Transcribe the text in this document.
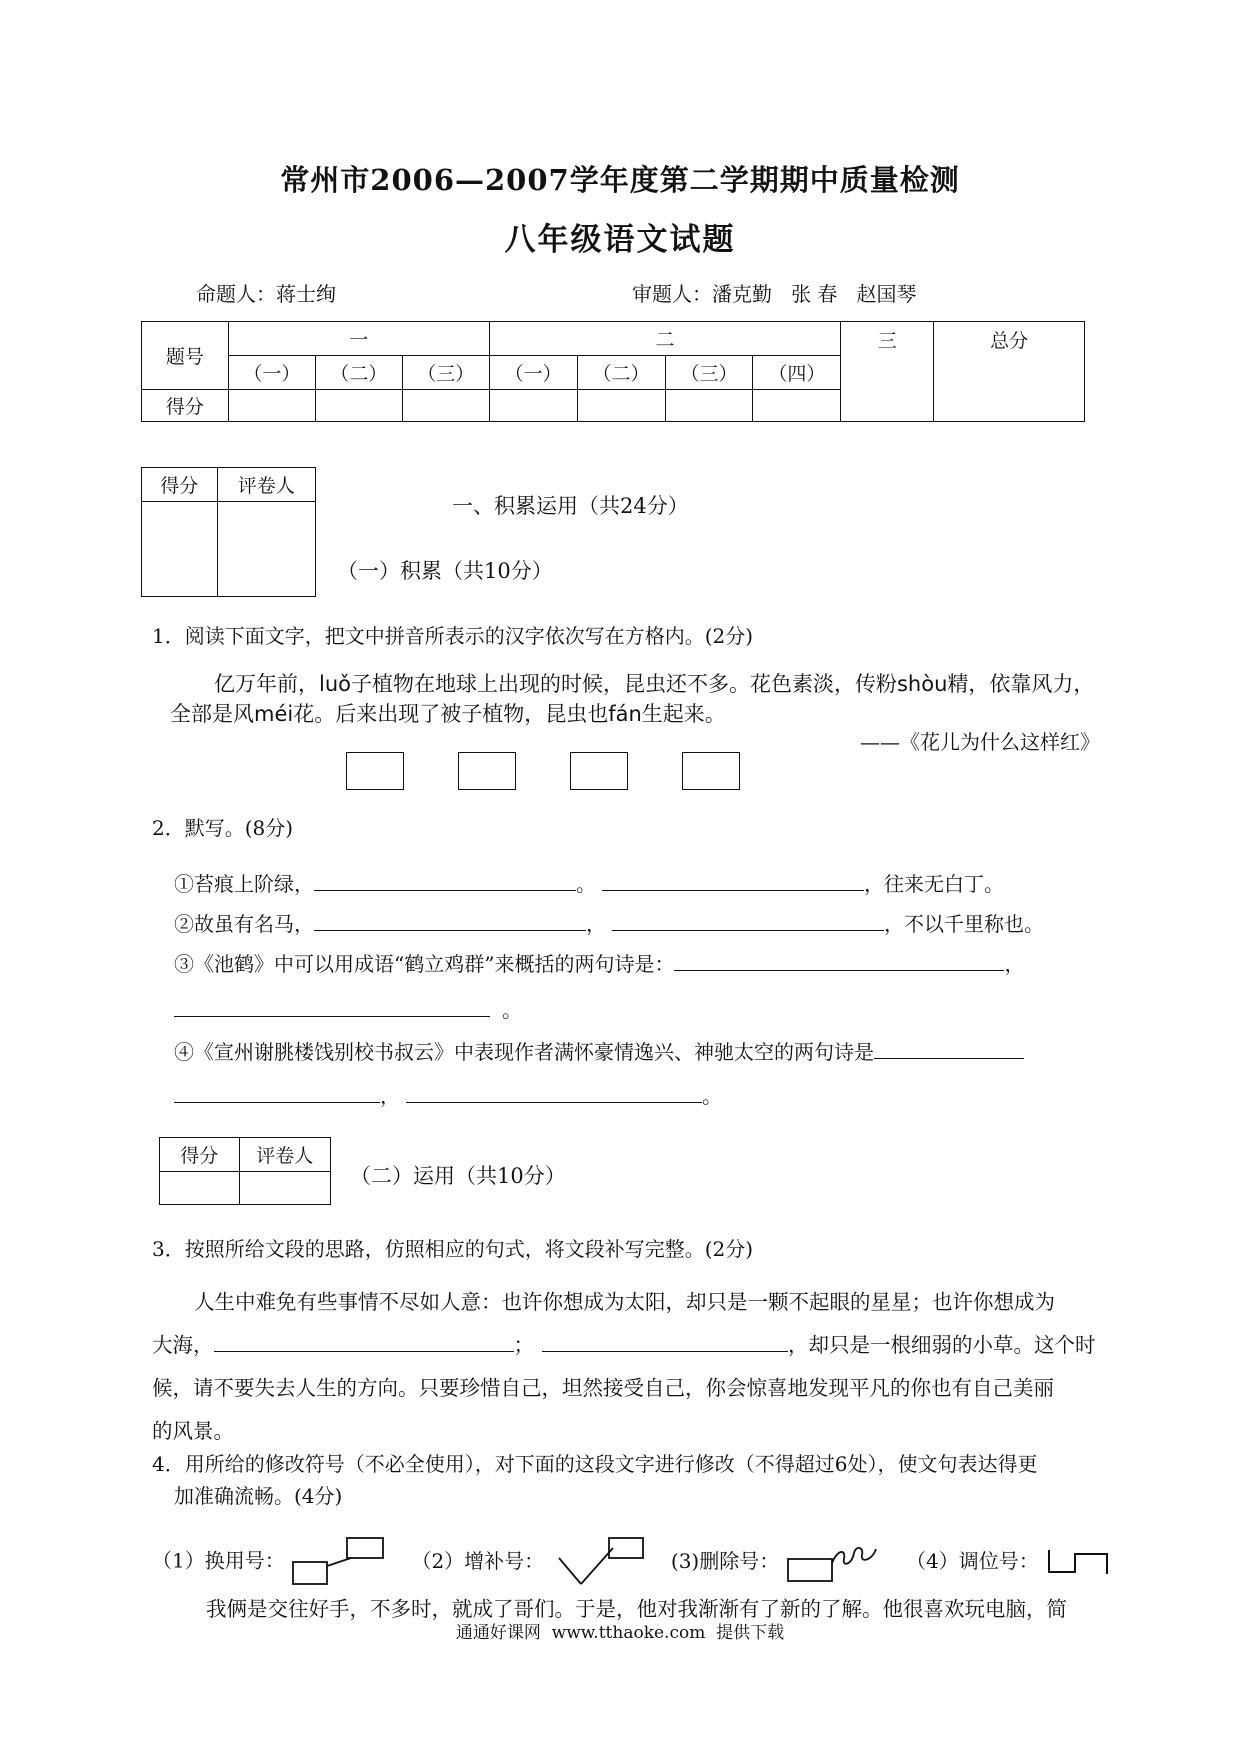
常州市2006—2007学年度第二学期期中质量检测
八年级语文试题
命题人：蒋士绚	审题人：潘克勤   张 春   赵国琴
题号	一			二				三	总分
	（一）	（二）	（三）	（一）	（二）	（三）	（四）		
得分									
得分	评卷人

一、积累运用（共24分）
（一）积累（共10分）
1．阅读下面文字，把文中拼音所表示的汉字依次写在方格内。(2分)
亿万年前，luǒ子植物在地球上出现的时候，昆虫还不多。花色素淡，传粉shòu精，依靠风力，
全部是风méi花。后来出现了被子植物，昆虫也fán生起来。
——《花儿为什么这样红》
2．默写。(8分)
①苔痕上阶绿，	。	，往来无白丁。
②故虽有名马，	，	，不以千里称也。
③《池鹤》中可以用成语“鹤立鸡群”来概括的两句诗是：	，
。
④《宣州谢朓楼饯别校书叔云》中表现作者满怀豪情逸兴、神驰太空的两句诗是
，	。
得分	评卷人

（二）运用（共10分）
3．按照所给文段的思路，仿照相应的句式，将文段补写完整。(2分)
人生中难免有些事情不尽如人意：也许你想成为太阳，却只是一颗不起眼的星星；也许你想成为
大海，	；	，却只是一根细弱的小草。这个时
候，请不要失去人生的方向。只要珍惜自己，坦然接受自己，你会惊喜地发现平凡的你也有自己美丽
的风景。
4．用所给的修改符号（不必全使用），对下面的这段文字进行修改（不得超过6处），使文句表达得更
加准确流畅。(4分)
（1）换用号：	（2）增补号：	(3)删除号：	（4）调位号：
我俩是交往好手，不多时，就成了哥们。于是，他对我渐渐有了新的了解。他很喜欢玩电脑，简
通通好课网  www.tthaoke.com  提供下载
